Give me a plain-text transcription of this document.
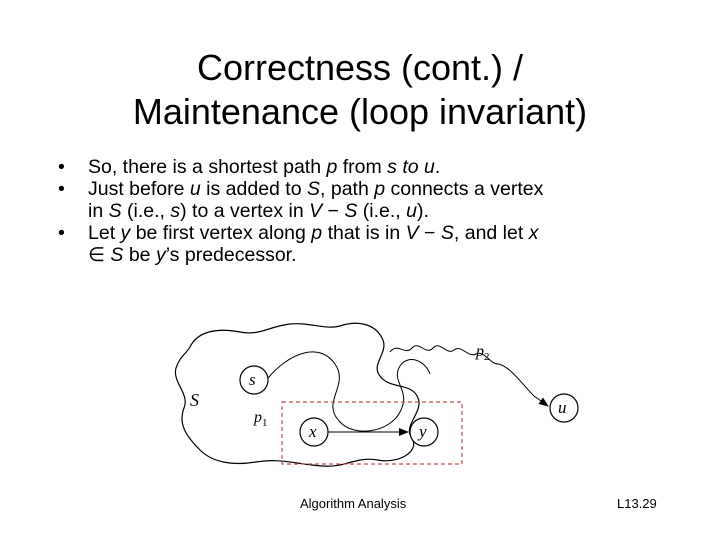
Correctness (cont.) /
Maintenance (loop invariant)
• So, there is a shortest path p from s to u.
• Just before u is added to S, path p connects a vertex
in S (i.e., s) to a vertex in V − S (i.e., u).
• Let y be first vertex along p that is in V − S, and let x
∈ S be y’s predecessor.
S
s
x	y
u
$p_1$
$p_2$
Algorithm Analysis	L13.29
